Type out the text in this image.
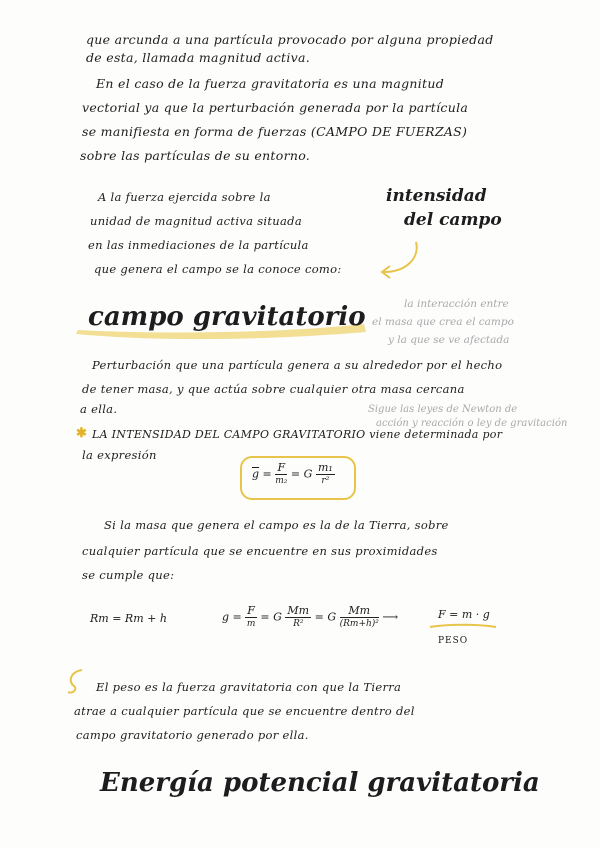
que arcunda a una partícula provocado por alguna propiedad
de esta, llamada magnitud activa.
En el caso de la fuerza gravitatoria es una magnitud
vectorial ya que la perturbación generada por la partícula
se manifiesta en forma de fuerzas (CAMPO DE FUERZAS)
sobre las partículas de su entorno.
A la fuerza ejercida sobre la
unidad de magnitud activa situada
en las inmediaciones de la partícula
que genera el campo se la conoce como:
intensidad
del campo
campo gravitatorio	la interacción entre
el masa que crea el campo
y la que se ve afectada
Perturbación que una partícula genera a su alrededor por el hecho
de tener masa, y que actúa sobre cualquier otra masa cercana
a ella.	Sigue las leyes de Newton de
acción y reacción o ley de gravitación
✱ LA INTENSIDAD DEL CAMPO GRAVITATORIO viene determinada por
la expresión
$\overline{g} = \frac{F}{\text{m₂}} = G \frac{\text{m₁}}{\text{r²}}$
Si la masa que genera el campo es la de la Tierra, sobre
cualquier partícula que se encuentre en sus proximidades
se cumple que:
Rт = Rт + h	$g = \frac{F}{m} = G \frac{Mт}{\text{R²}} = G \frac{Mт}{\text{(Rт+h)²}}$ ⟶	F = m · g
PESO
El peso es la fuerza gravitatoria con que la Tierra
atrae a cualquier partícula que se encuentre dentro del
campo gravitatorio generado por ella.
Energía potencial gravitatoria
